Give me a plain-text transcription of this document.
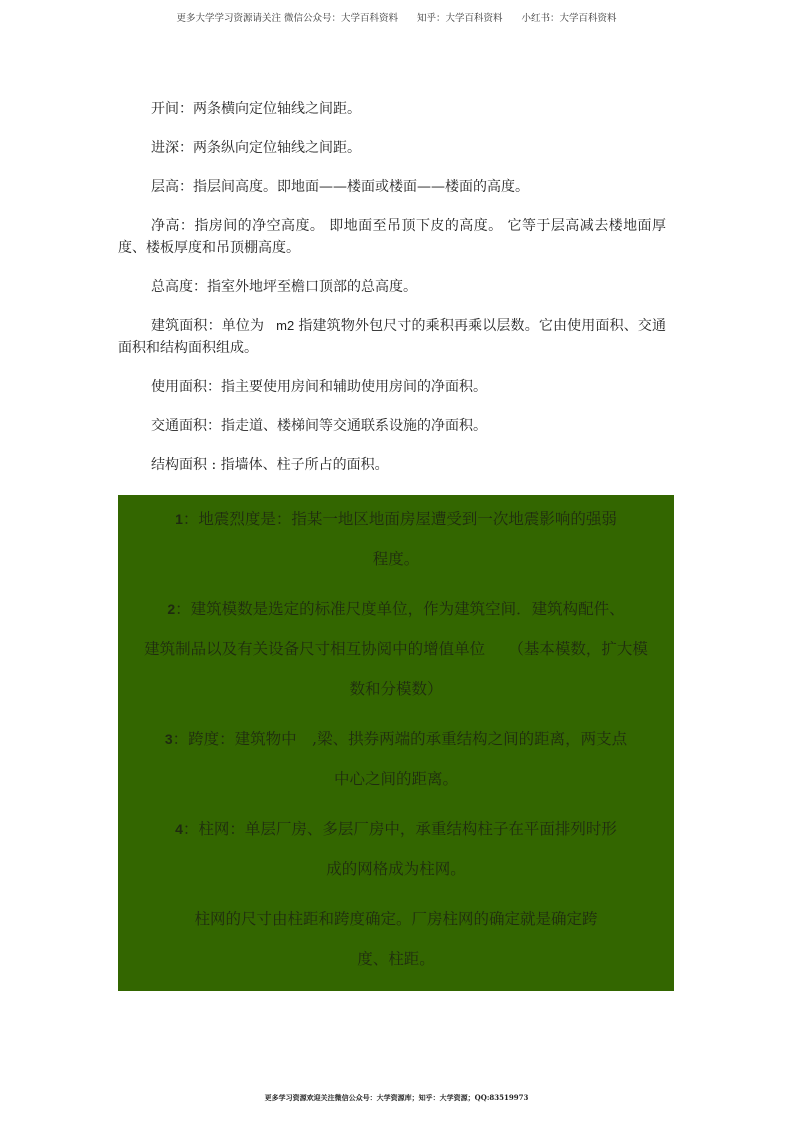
更多大学学习资源请关注 微信公众号：大学百科资料 知乎：大学百科资料 小红书：大学百科资料

开间：两条横向定位轴线之间距。

进深：两条纵向定位轴线之间距。

层高：指层间高度。即地面——楼面或楼面——楼面的高度。

净高：指房间的净空高度。 即地面至吊顶下皮的高度。 它等于层高减去楼地面厚度、楼板厚度和吊顶棚高度。

总高度：指室外地坪至檐口顶部的总高度。

建筑面积：单位为 m2 指建筑物外包尺寸的乘积再乘以层数。它由使用面积、交通面积和结构面积组成。

使用面积：指主要使用房间和辅助使用房间的净面积。

交通面积：指走道、楼梯间等交通联系设施的净面积。

结构面积 : 指墙体、柱子所占的面积。

1：地震烈度是：指某一地区地面房屋遭受到一次地震影响的强弱

程度。

2：建筑模数是选定的标准尺度单位，作为建筑空间．建筑构配件、

建筑制品以及有关设备尺寸相互协阅中的增值单位　　（基本模数，扩大模

数和分模数）

3：跨度：建筑物中　,梁、拱券两端的承重结构之间的距离，两支点

中心之间的距离。

4：柱网：单层厂房、多层厂房中，承重结构柱子在平面排列时形

成的网格成为柱网。

柱网的尺寸由柱距和跨度确定。厂房柱网的确定就是确定跨

度、柱距。

更多学习资源欢迎关注微信公众号：大学资源库；知乎：大学资源；QQ:83519973
